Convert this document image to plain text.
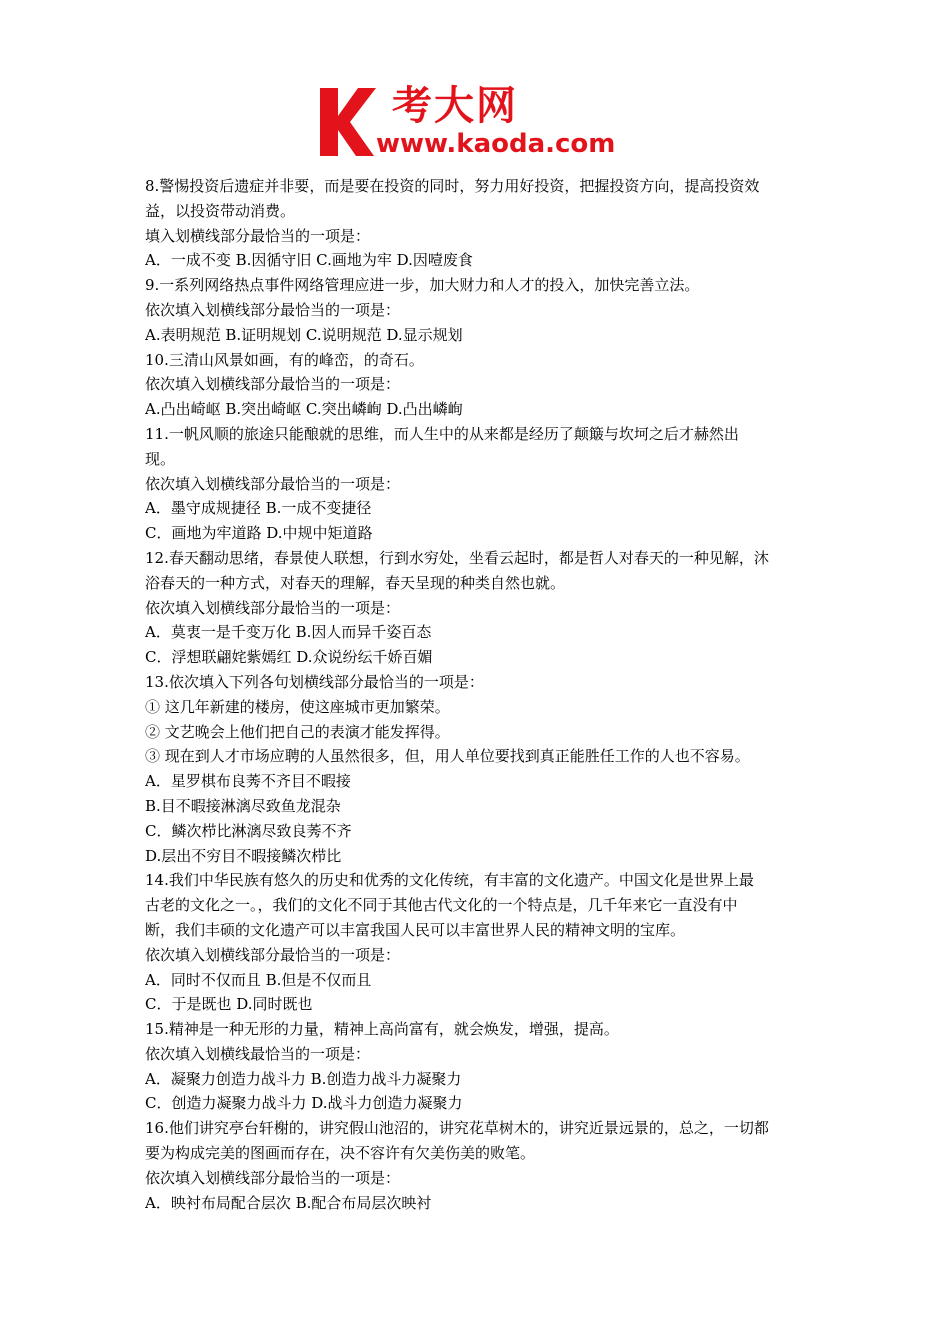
考大网
www.kaoda.com
8.警惕投资后遗症并非要，而是要在投资的同时，努力用好投资，把握投资方向，提高投资效
益，以投资带动消费。
填入划横线部分最恰当的一项是：
A．一成不变 B.因循守旧 C.画地为牢 D.因噎废食
9.一系列网络热点事件网络管理应进一步，加大财力和人才的投入，加快完善立法。
依次填入划横线部分最恰当的一项是：
A.表明规范 B.证明规划 C.说明规范 D.显示规划
10.三清山风景如画，有的峰峦，的奇石。
依次填入划横线部分最恰当的一项是：
A.凸出崎岖 B.突出崎岖 C.突出嶙峋 D.凸出嶙峋
11.一帆风顺的旅途只能酿就的思维，而人生中的从来都是经历了颠簸与坎坷之后才赫然出
现。
依次填入划横线部分最恰当的一项是：
A．墨守成规捷径 B.一成不变捷径
C．画地为牢道路 D.中规中矩道路
12.春天翻动思绪，春景使人联想，行到水穷处，坐看云起时，都是哲人对春天的一种见解，沐
浴春天的一种方式，对春天的理解，春天呈现的种类自然也就。
依次填入划横线部分最恰当的一项是：
A．莫衷一是千变万化 B.因人而异千姿百态
C．浮想联翩姹紫嫣红 D.众说纷纭千娇百媚
13.依次填入下列各句划横线部分最恰当的一项是：
① 这几年新建的楼房，使这座城市更加繁荣。
② 文艺晚会上他们把自己的表演才能发挥得。
③ 现在到人才市场应聘的人虽然很多，但，用人单位要找到真正能胜任工作的人也不容易。
A．星罗棋布良莠不齐目不暇接
B.目不暇接淋漓尽致鱼龙混杂
C．鳞次栉比淋漓尽致良莠不齐
D.层出不穷目不暇接鳞次栉比
14.我们中华民族有悠久的历史和优秀的文化传统，有丰富的文化遗产。中国文化是世界上最
古老的文化之一。，我们的文化不同于其他古代文化的一个特点是，几千年来它一直没有中
断，我们丰硕的文化遗产可以丰富我国人民可以丰富世界人民的精神文明的宝库。
依次填入划横线部分最恰当的一项是：
A．同时不仅而且 B.但是不仅而且
C．于是既也 D.同时既也
15.精神是一种无形的力量，精神上高尚富有，就会焕发，增强，提高。
依次填入划横线最恰当的一项是：
A．凝聚力创造力战斗力 B.创造力战斗力凝聚力
C．创造力凝聚力战斗力 D.战斗力创造力凝聚力
16.他们讲究亭台轩榭的，讲究假山池沼的，讲究花草树木的，讲究近景远景的，总之，一切都
要为构成完美的图画而存在，决不容许有欠美伤美的败笔。
依次填入划横线部分最恰当的一项是：
A．映衬布局配合层次 B.配合布局层次映衬
